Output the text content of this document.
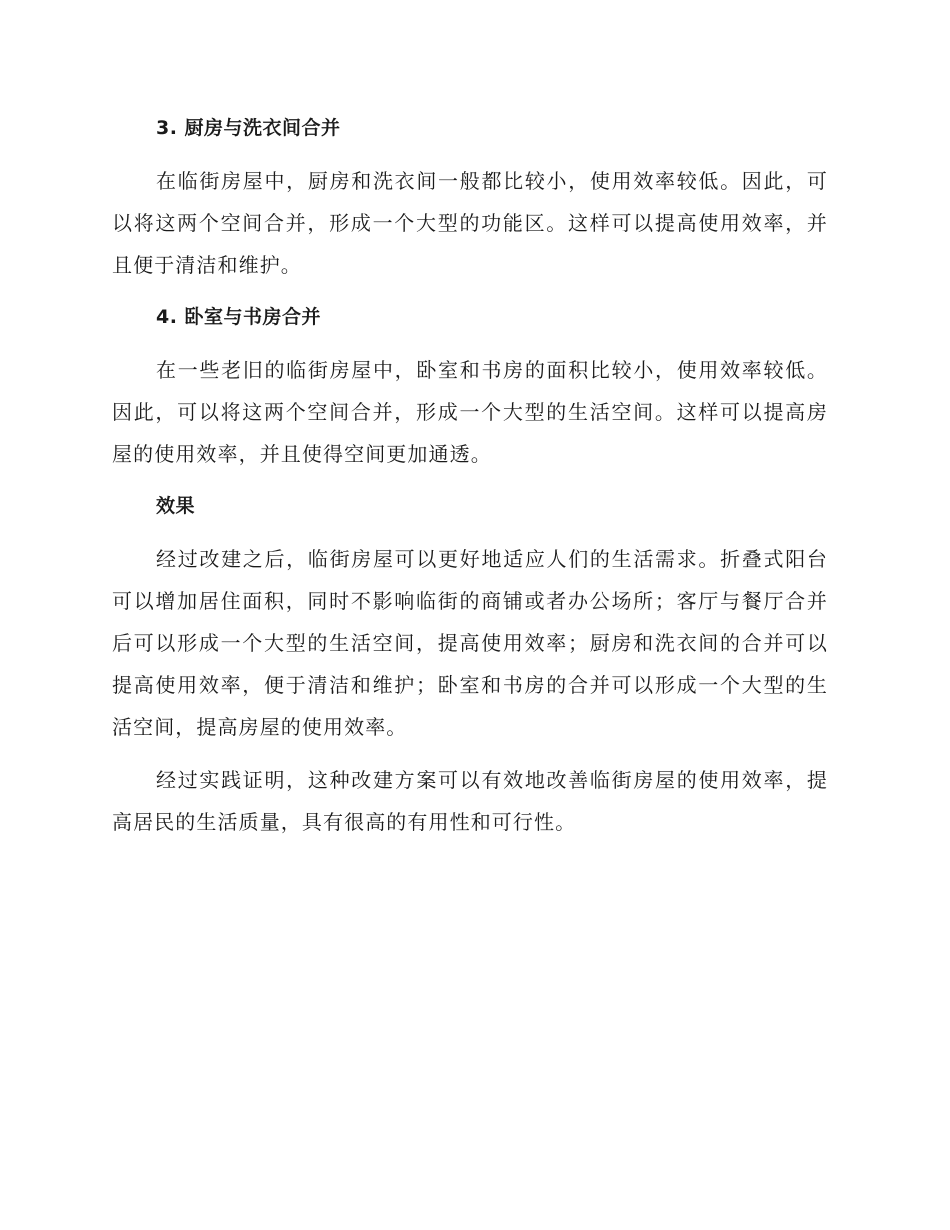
3. 厨房与洗衣间合并

在临街房屋中，厨房和洗衣间一般都比较小，使用效率较低。因此，可以将这两个空间合并，形成一个大型的功能区。这样可以提高使用效率，并且便于清洁和维护。

4. 卧室与书房合并

在一些老旧的临街房屋中，卧室和书房的面积比较小，使用效率较低。因此，可以将这两个空间合并，形成一个大型的生活空间。这样可以提高房屋的使用效率，并且使得空间更加通透。

效果

经过改建之后，临街房屋可以更好地适应人们的生活需求。折叠式阳台可以增加居住面积，同时不影响临街的商铺或者办公场所；客厅与餐厅合并后可以形成一个大型的生活空间，提高使用效率；厨房和洗衣间的合并可以提高使用效率，便于清洁和维护；卧室和书房的合并可以形成一个大型的生活空间，提高房屋的使用效率。

经过实践证明，这种改建方案可以有效地改善临街房屋的使用效率，提高居民的生活质量，具有很高的有用性和可行性。
